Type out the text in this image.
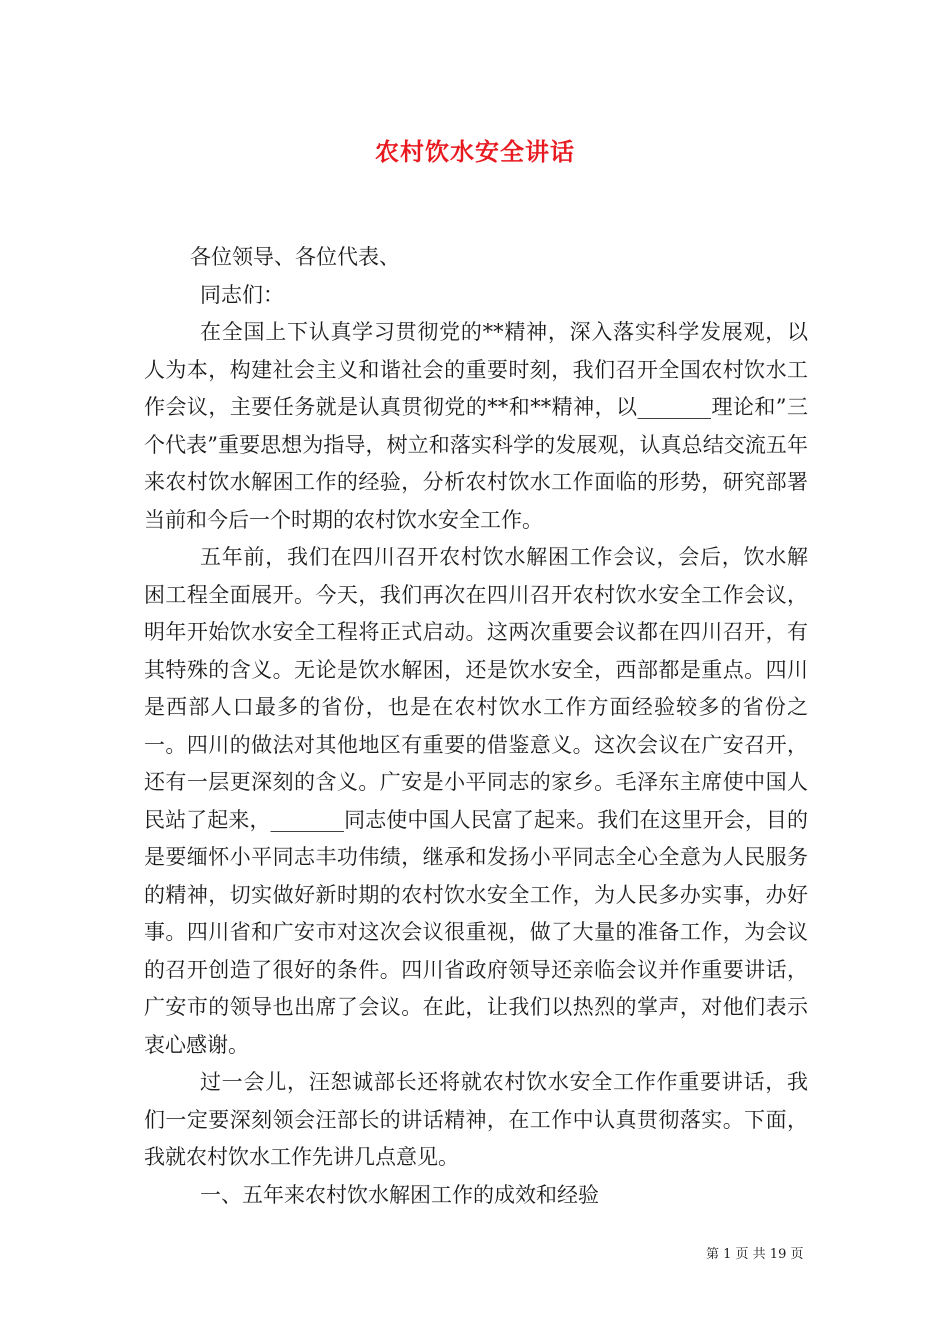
农村饮水安全讲话

各位领导、各位代表、

同志们：

在全国上下认真学习贯彻党的**精神，深入落实科学发展观，以人为本，构建社会主义和谐社会的重要时刻，我们召开全国农村饮水工作会议，主要任务就是认真贯彻党的**和**精神，以_______理论和”三个代表”重要思想为指导，树立和落实科学的发展观，认真总结交流五年来农村饮水解困工作的经验，分析农村饮水工作面临的形势，研究部署当前和今后一个时期的农村饮水安全工作。

五年前，我们在四川召开农村饮水解困工作会议，会后，饮水解困工程全面展开。今天，我们再次在四川召开农村饮水安全工作会议，明年开始饮水安全工程将正式启动。这两次重要会议都在四川召开，有其特殊的含义。无论是饮水解困，还是饮水安全，西部都是重点。四川是西部人口最多的省份，也是在农村饮水工作方面经验较多的省份之一。四川的做法对其他地区有重要的借鉴意义。这次会议在广安召开，还有一层更深刻的含义。广安是小平同志的家乡。毛泽东主席使中国人民站了起来，_______同志使中国人民富了起来。我们在这里开会，目的是要缅怀小平同志丰功伟绩，继承和发扬小平同志全心全意为人民服务的精神，切实做好新时期的农村饮水安全工作，为人民多办实事，办好事。四川省和广安市对这次会议很重视，做了大量的准备工作，为会议的召开创造了很好的条件。四川省政府领导还亲临会议并作重要讲话，广安市的领导也出席了会议。在此，让我们以热烈的掌声，对他们表示衷心感谢。

过一会儿，汪恕诚部长还将就农村饮水安全工作作重要讲话，我们一定要深刻领会汪部长的讲话精神，在工作中认真贯彻落实。下面，我就农村饮水工作先讲几点意见。

一、五年来农村饮水解困工作的成效和经验

第 1 页 共 19 页
